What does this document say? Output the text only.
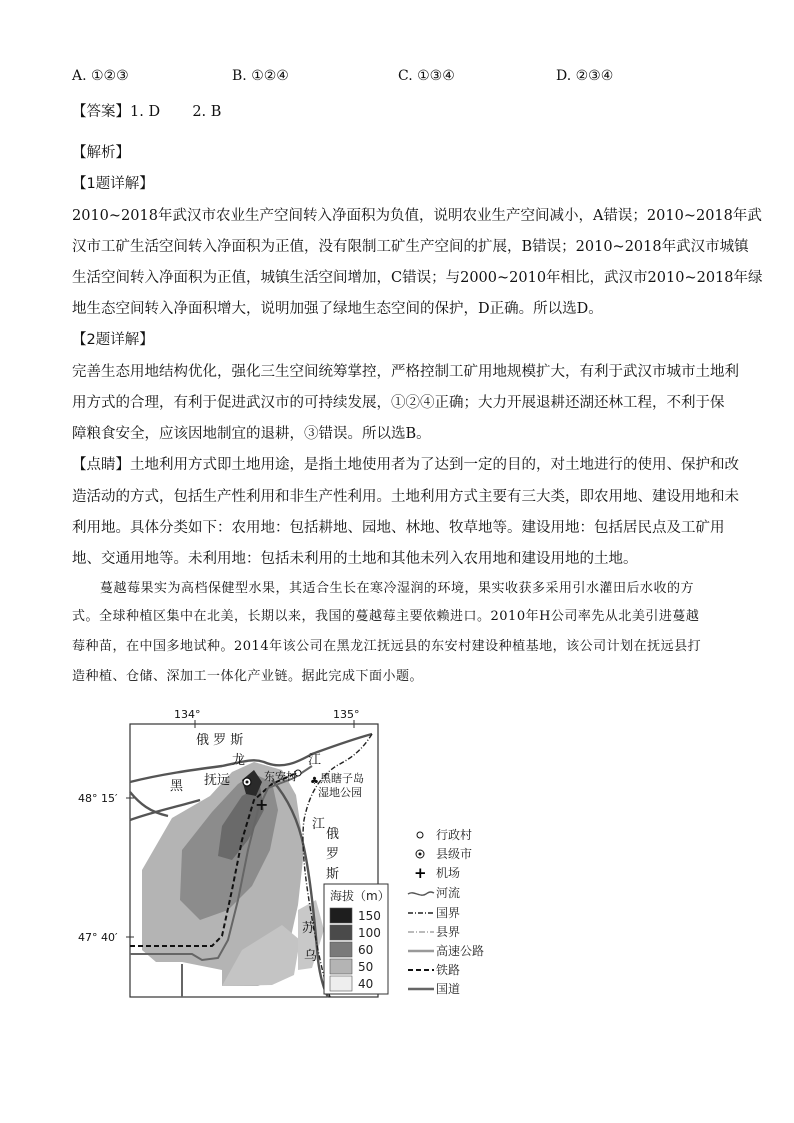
A. ①②③	B. ①②④	C. ①③④	D. ②③④
【答案】1. D       2. B
【解析】
【1题详解】
2010~2018年武汉市农业生产空间转入净面积为负值，说明农业生产空间减小，A错误；2010~2018年武
汉市工矿生活空间转入净面积为正值，没有限制工矿生产空间的扩展，B错误；2010~2018年武汉市城镇
生活空间转入净面积为正值，城镇生活空间增加，C错误；与2000~2010年相比，武汉市2010~2018年绿
地生态空间转入净面积增大，说明加强了绿地生态空间的保护，D正确。所以选D。
【2题详解】
完善生态用地结构优化，强化三生空间统筹掌控，严格控制工矿用地规模扩大，有利于武汉市城市土地利
用方式的合理，有利于促进武汉市的可持续发展，①②④正确；大力开展退耕还湖还林工程，不利于保
障粮食安全，应该因地制宜的退耕，③错误。所以选B。
【点睛】土地利用方式即土地用途，是指土地使用者为了达到一定的目的，对土地进行的使用、保护和改
造活动的方式，包括生产性利用和非生产性利用。土地利用方式主要有三大类，即农用地、建设用地和未
利用地。具体分类如下：农用地：包括耕地、园地、林地、牧草地等。建设用地：包括居民点及工矿用
地、交通用地等。未利用地：包括未利用的土地和其他未列入农用地和建设用地的土地。
蔓越莓果实为高档保健型水果，其适合生长在寒冷湿润的环境，果实收获多采用引水灌田后水收的方
式。全球种植区集中在北美，长期以来，我国的蔓越莓主要依赖进口。2010年H公司率先从北美引进蔓越
莓种苗，在中国多地试种。2014年该公司在黑龙江抚远县的东安村建设种植基地，该公司计划在抚远县打
造种植、仓储、深加工一体化产业链。据此完成下面小题。
134°	135°
48° 15′
47° 40′
+
♣
俄 罗 斯
龙	江
黑 抚远	东安村 黑瞎子岛
湿地公园
江
俄
罗
斯
乌
苏
海拔（m）
150
100
60
50
40
行政村
县级市
+ 机场
河流
国界
县界
高速公路
铁路
国道
